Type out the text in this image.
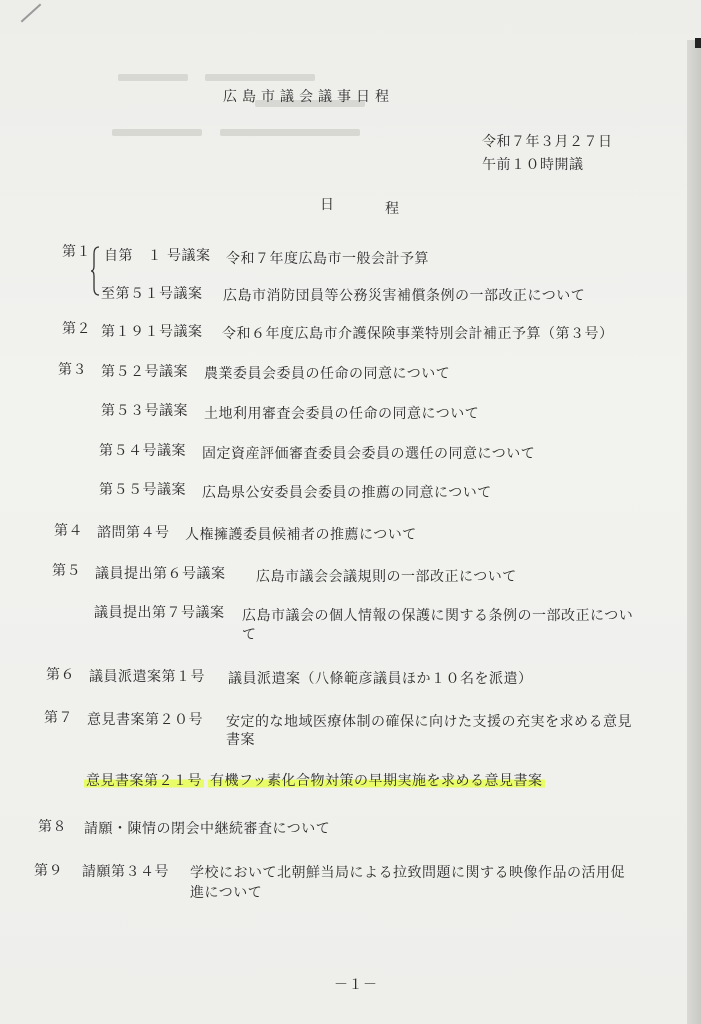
広島市議会議事日程
令和７年３月２７日
午前１０時開議
日	程
第１ 自第　１ 号議案 令和７年度広島市一般会計予算
至第５１号議案 広島市消防団員等公務災害補償条例の一部改正について
第２ 第１９１号議案 令和６年度広島市介護保険事業特別会計補正予算（第３号）
第３ 第５２号議案 農業委員会委員の任命の同意について
第５３号議案 土地利用審査会委員の任命の同意について
第５４号議案 固定資産評価審査委員会委員の選任の同意について
第５５号議案 広島県公安委員会委員の推薦の同意について
第４ 諮問第４号 人権擁護委員候補者の推薦について
第５ 議員提出第６号議案 広島市議会会議規則の一部改正について
議員提出第７号議案 広島市議会の個人情報の保護に関する条例の一部改正につい
て
第６ 議員派遣案第１号 議員派遣案（八條範彦議員ほか１０名を派遣）
第７ 意見書案第２０号 安定的な地域医療体制の確保に向けた支援の充実を求める意見
書案
意見書案第２１号 有機フッ素化合物対策の早期実施を求める意見書案
第８ 請願・陳情の閉会中継続審査について
第９ 請願第３４号 学校において北朝鮮当局による拉致問題に関する映像作品の活用促
進について
－１－
